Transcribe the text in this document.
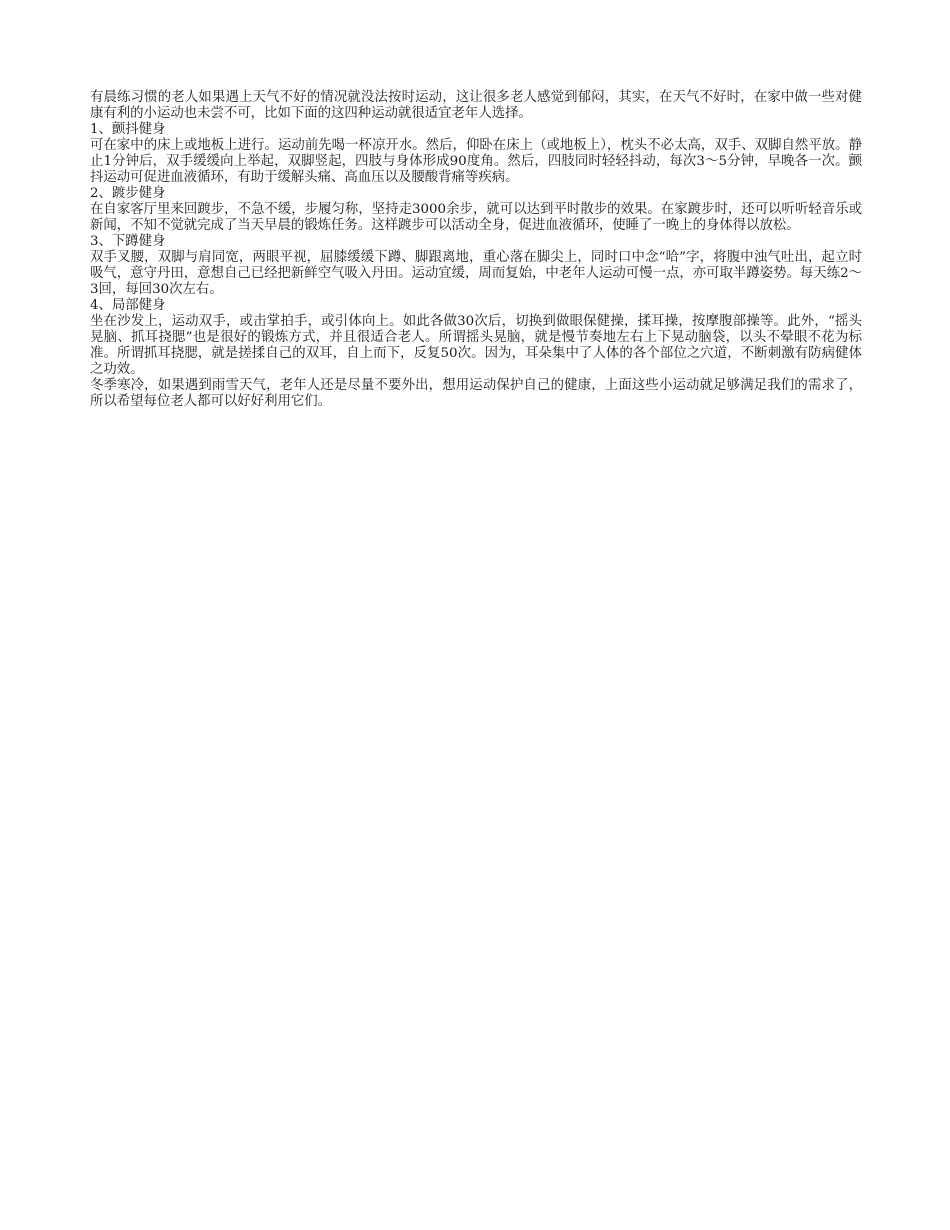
有晨练习惯的老人如果遇上天气不好的情况就没法按时运动，这让很多老人感觉到郁闷，其实，在天气不好时，在家中做一些对健康有利的小运动也未尝不可，比如下面的这四种运动就很适宜老年人选择。

1、颤抖健身

可在家中的床上或地板上进行。运动前先喝一杯凉开水。然后，仰卧在床上（或地板上），枕头不必太高，双手、双脚自然平放。静止1分钟后，双手缓缓向上举起，双脚竖起，四肢与身体形成90度角。然后，四肢同时轻轻抖动，每次3～5分钟，早晚各一次。颤抖运动可促进血液循环，有助于缓解头痛、高血压以及腰酸背痛等疾病。

2、踱步健身

在自家客厅里来回踱步，不急不缓，步履匀称，坚持走3000余步，就可以达到平时散步的效果。在家踱步时，还可以听听轻音乐或新闻，不知不觉就完成了当天早晨的锻炼任务。这样踱步可以活动全身，促进血液循环，使睡了一晚上的身体得以放松。

3、下蹲健身

双手叉腰，双脚与肩同宽，两眼平视，屈膝缓缓下蹲、脚跟离地，重心落在脚尖上，同时口中念“哈”字，将腹中浊气吐出，起立时吸气，意守丹田，意想自己已经把新鲜空气吸入丹田。运动宜缓，周而复始，中老年人运动可慢一点，亦可取半蹲姿势。每天练2～3回，每回30次左右。

4、局部健身

坐在沙发上，运动双手，或击掌拍手，或引体向上。如此各做30次后，切换到做眼保健操，揉耳操，按摩腹部操等。此外，“摇头晃脑、抓耳挠腮”也是很好的锻炼方式，并且很适合老人。所谓摇头晃脑，就是慢节奏地左右上下晃动脑袋，以头不晕眼不花为标准。所谓抓耳挠腮，就是搓揉自己的双耳，自上而下，反复50次。因为，耳朵集中了人体的各个部位之穴道，不断刺激有防病健体之功效。

冬季寒冷，如果遇到雨雪天气，老年人还是尽量不要外出，想用运动保护自己的健康，上面这些小运动就足够满足我们的需求了，所以希望每位老人都可以好好利用它们。
